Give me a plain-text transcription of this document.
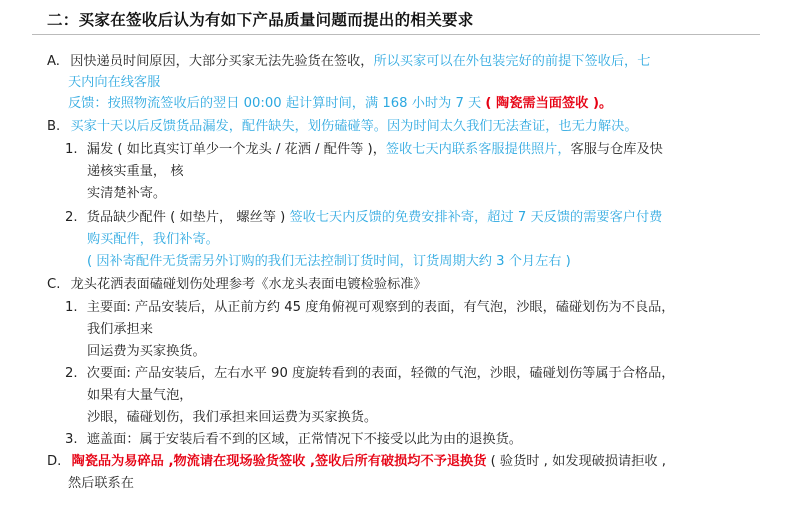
二：买家在签收后认为有如下产品质量问题而提出的相关要求
A. 因快递员时间原因，大部分买家无法先验货在签收，所以买家可以在外包装完好的前提下签收后，七
天内向在线客服
反馈：按照物流签收后的翌日 00:00 起计算时间，满 168 小时为 7 天 ( 陶瓷需当面签收 )。
B. 买家十天以后反馈货品漏发，配件缺失，划伤磕碰等。因为时间太久我们无法查证，也无力解决。
1. 漏发 ( 如比真实订单少一个龙头 / 花洒 / 配件等 )，签收七天内联系客服提供照片，客服与仓库及快
递核实重量， 核
实清楚补寄。
2. 货品缺少配件 ( 如垫片， 螺丝等 ) 签收七天内反馈的免费安排补寄，超过 7 天反馈的需要客户付费
购买配件，我们补寄。
( 因补寄配件无货需另外订购的我们无法控制订货时间，订货周期大约 3 个月左右 )
C. 龙头花洒表面磕碰划伤处理参考《水龙头表面电镀检验标准》
1. 主要面: 产品安装后，从正前方约 45 度角俯视可观察到的表面，有气泡，沙眼，磕碰划伤为不良品，
我们承担来
回运费为买家换货。
2. 次要面: 产品安装后，左右水平 90 度旋转看到的表面，轻微的气泡，沙眼，磕碰划伤等属于合格品，
如果有大量气泡，
沙眼，磕碰划伤，我们承担来回运费为买家换货。
3. 遮盖面：属于安装后看不到的区域，正常情况下不接受以此为由的退换货。
D. 陶瓷品为易碎品 ,物流请在现场验货签收 ,签收后所有破损均不予退换货 ( 验货时 , 如发现破损请拒收 ,
然后联系在
